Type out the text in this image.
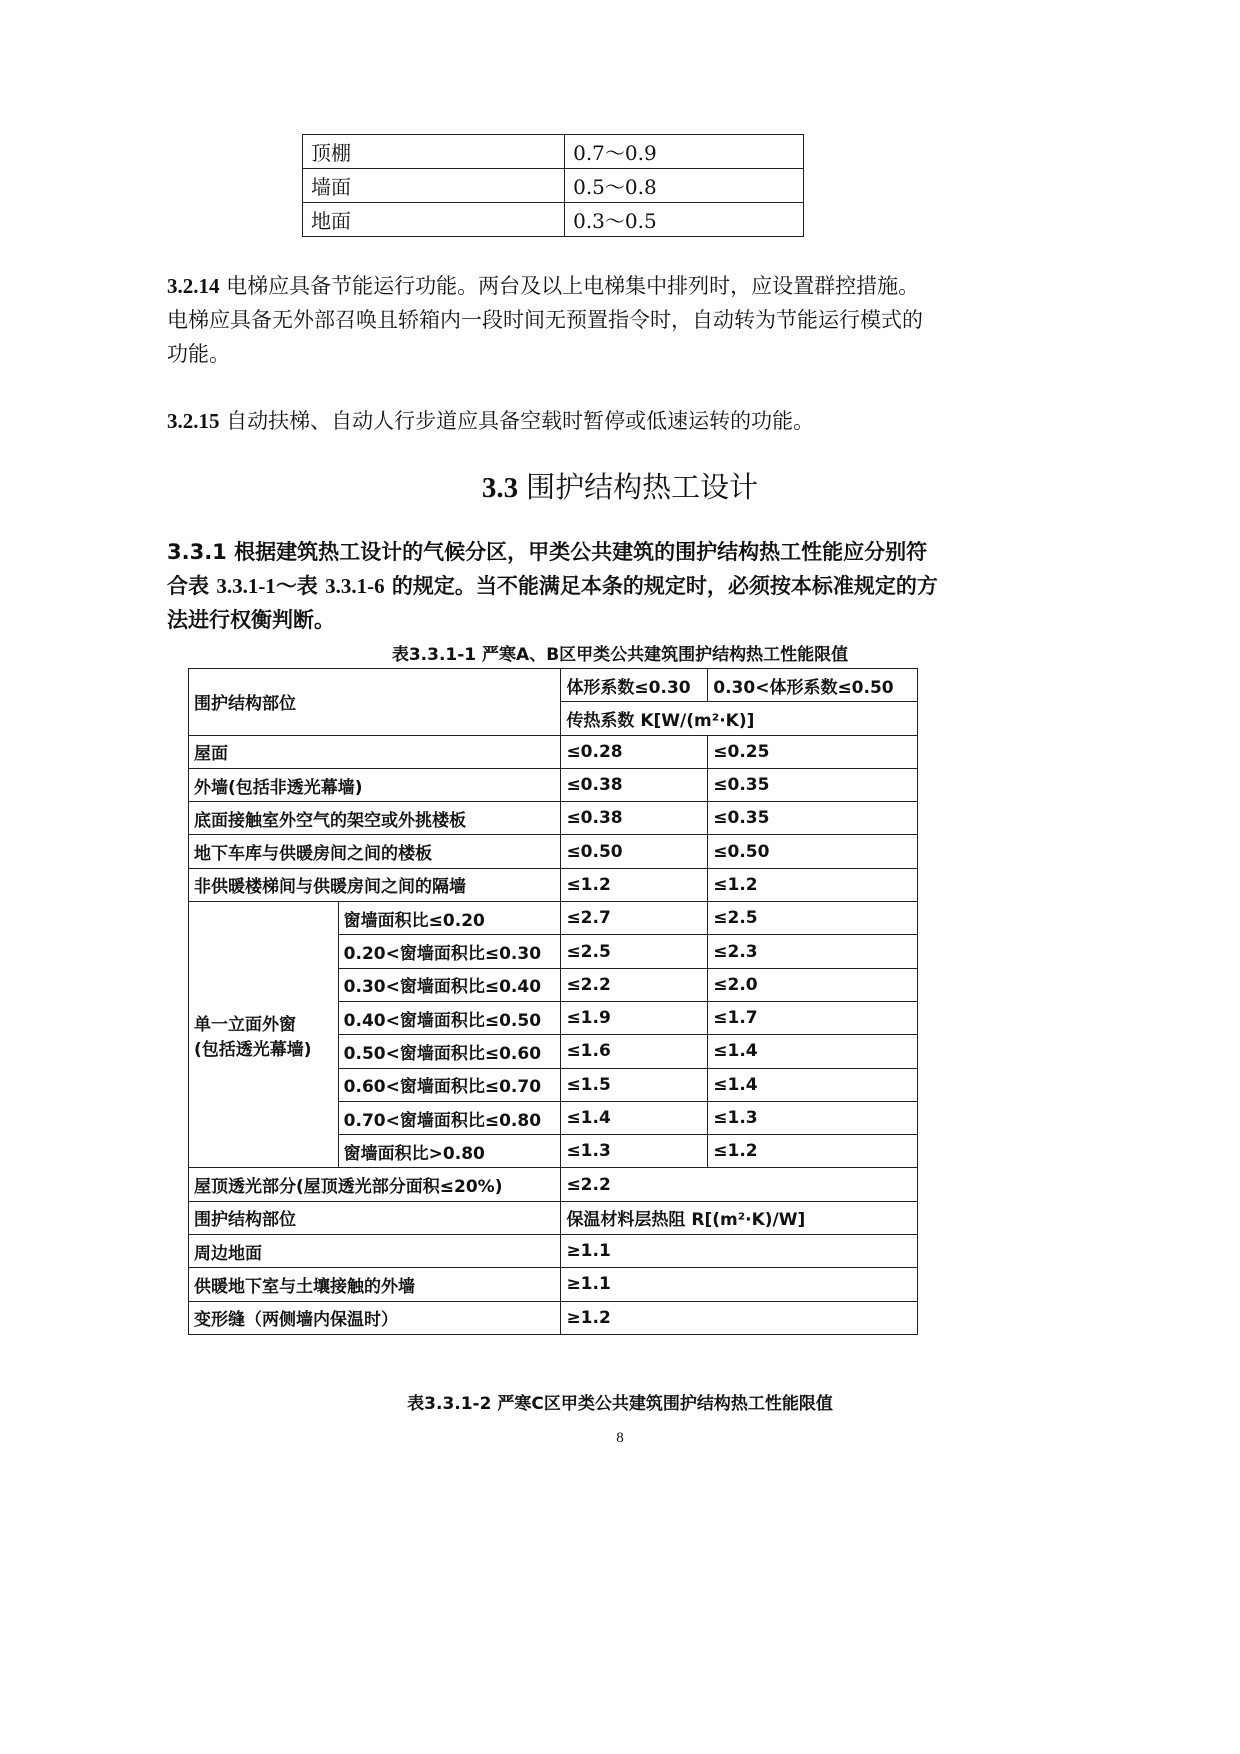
顶棚	0.7～0.9
墙面	0.5～0.8
地面	0.3～0.5
3.2.14 电梯应具备节能运行功能。两台及以上电梯集中排列时，应设置群控措施。电梯应具备无外部召唤且轿箱内一段时间无预置指令时，自动转为节能运行模式的功能。
3.2.15 自动扶梯、自动人行步道应具备空载时暂停或低速运转的功能。
3.3 围护结构热工设计
3.3.1 根据建筑热工设计的气候分区，甲类公共建筑的围护结构热工性能应分别符合表 3.3.1-1～表 3.3.1-6 的规定。当不能满足本条的规定时，必须按本标准规定的方法进行权衡判断。
表3.3.1-1 严寒A、B区甲类公共建筑围护结构热工性能限值
围护结构部位		体形系数≤0.30	0.30<体形系数≤0.50
		传热系数 K[W/(m²·K)]	
屋面		≤0.28	≤0.25
外墙(包括非透光幕墙)		≤0.38	≤0.35
底面接触室外空气的架空或外挑楼板		≤0.38	≤0.35
地下车库与供暖房间之间的楼板		≤0.50	≤0.50
非供暖楼梯间与供暖房间之间的隔墙		≤1.2	≤1.2
单一立面外窗
(包括透光幕墙)	窗墙面积比≤0.20	≤2.7	≤2.5
	0.20<窗墙面积比≤0.30	≤2.5	≤2.3
	0.30<窗墙面积比≤0.40	≤2.2	≤2.0
	0.40<窗墙面积比≤0.50	≤1.9	≤1.7
	0.50<窗墙面积比≤0.60	≤1.6	≤1.4
	0.60<窗墙面积比≤0.70	≤1.5	≤1.4
	0.70<窗墙面积比≤0.80	≤1.4	≤1.3
	窗墙面积比>0.80	≤1.3	≤1.2
屋顶透光部分(屋顶透光部分面积≤20%)		≤2.2	
围护结构部位		保温材料层热阻 R[(m²·K)/W]	
周边地面		≥1.1	
供暖地下室与土壤接触的外墙		≥1.1	
变形缝（两侧墙内保温时）		≥1.2	
表3.3.1-2 严寒C区甲类公共建筑围护结构热工性能限值
8
